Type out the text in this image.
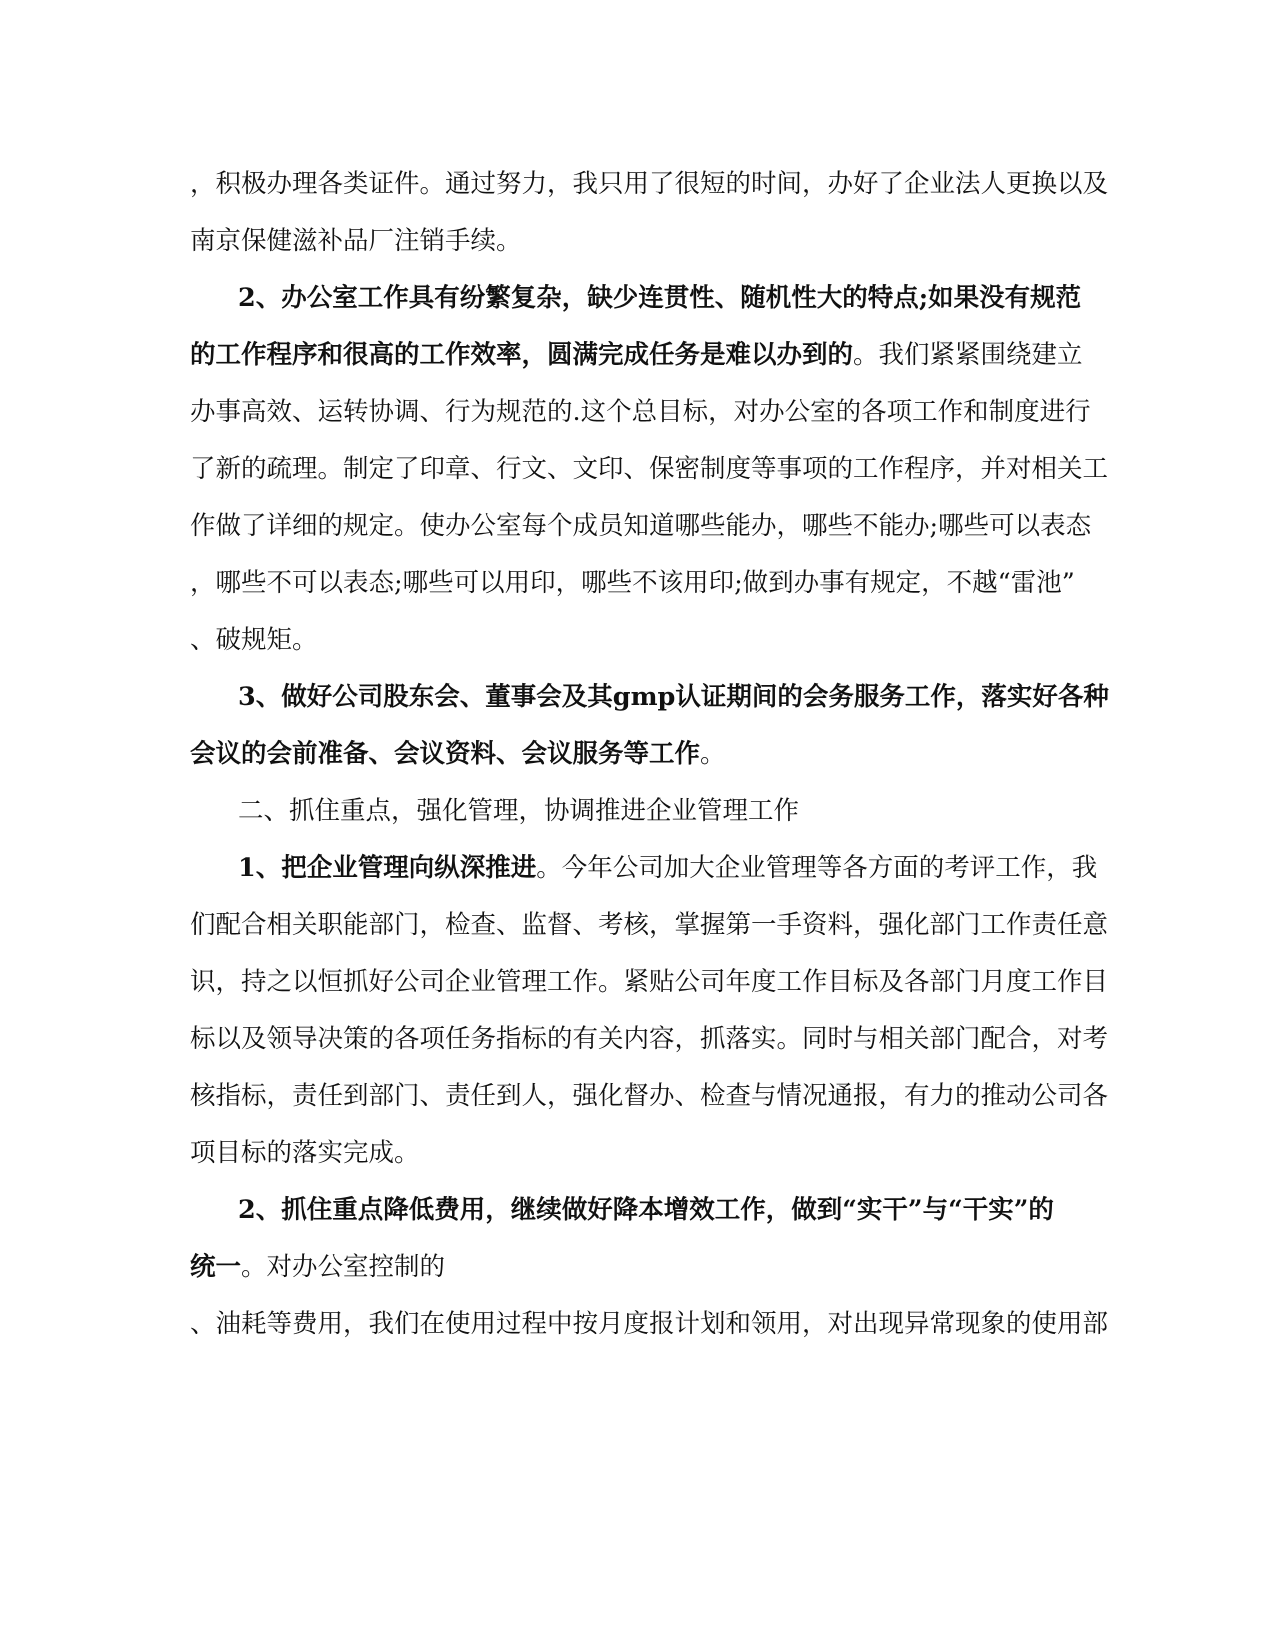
，积极办理各类证件。通过努力，我只用了很短的时间，办好了企业法人更换以及
南京保健滋补品厂注销手续。
2、办公室工作具有纷繁复杂，缺少连贯性、随机性大的特点;如果没有规范
的工作程序和很高的工作效率，圆满完成任务是难以办到的。我们紧紧围绕建立
办事高效、运转协调、行为规范的.这个总目标，对办公室的各项工作和制度进行
了新的疏理。制定了印章、行文、文印、保密制度等事项的工作程序，并对相关工
作做了详细的规定。使办公室每个成员知道哪些能办，哪些不能办;哪些可以表态
，哪些不可以表态;哪些可以用印，哪些不该用印;做到办事有规定，不越“雷池”
、破规矩。
3、做好公司股东会、董事会及其gmp认证期间的会务服务工作，落实好各种
会议的会前准备、会议资料、会议服务等工作。
二、抓住重点，强化管理，协调推进企业管理工作
1、把企业管理向纵深推进。今年公司加大企业管理等各方面的考评工作，我
们配合相关职能部门，检查、监督、考核，掌握第一手资料，强化部门工作责任意
识，持之以恒抓好公司企业管理工作。紧贴公司年度工作目标及各部门月度工作目
标以及领导决策的各项任务指标的有关内容，抓落实。同时与相关部门配合，对考
核指标，责任到部门、责任到人，强化督办、检查与情况通报，有力的推动公司各
项目标的落实完成。
2、抓住重点降低费用，继续做好降本增效工作，做到“实干”与“干实”的
统一。对办公室控制的
、油耗等费用，我们在使用过程中按月度报计划和领用，对出现异常现象的使用部
